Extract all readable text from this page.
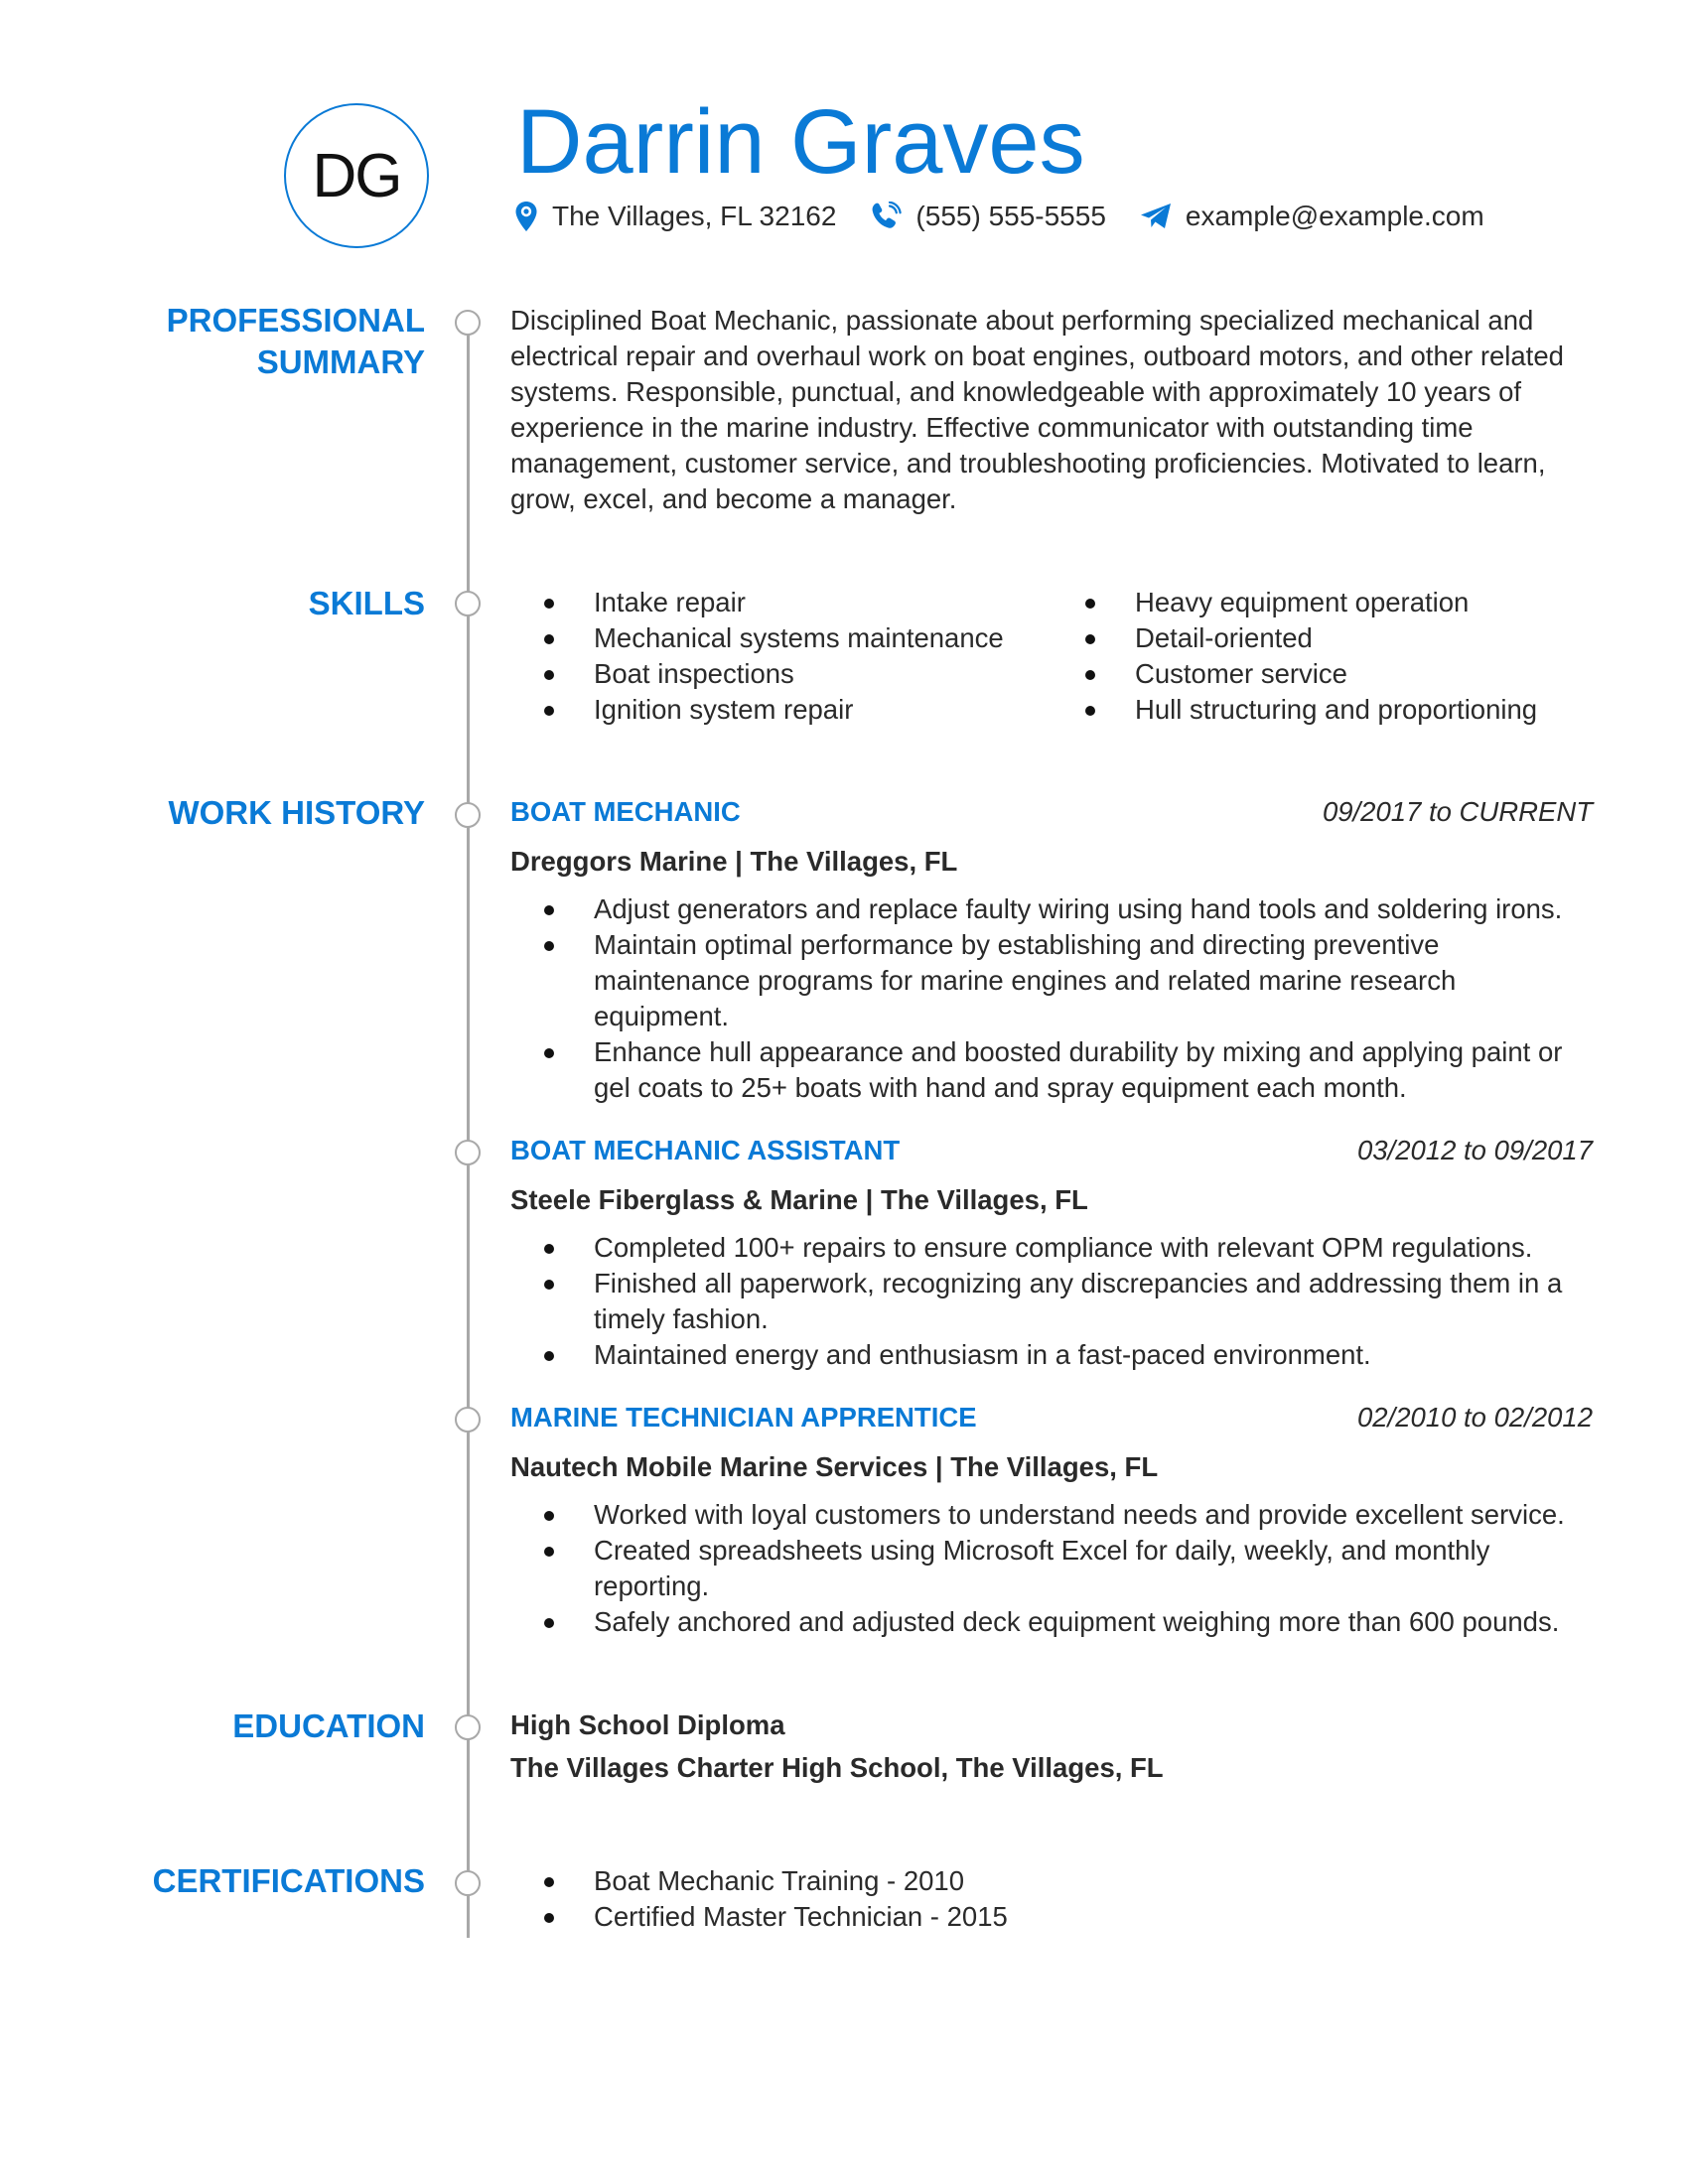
DG Darrin Graves
The Villages, FL 32162	(555) 555-5555	example@example.com
PROFESSIONAL
SUMMARY
Disciplined Boat Mechanic, passionate about performing specialized mechanical and electrical repair and overhaul work on boat engines, outboard motors, and other related systems. Responsible, punctual, and knowledgeable with approximately 10 years of experience in the marine industry. Effective communicator with outstanding time management, customer service, and troubleshooting proficiencies. Motivated to learn, grow, excel, and become a manager.
SKILLS	Intake repair
Mechanical systems maintenance
Boat inspections
Ignition system repair
Heavy equipment operation
Detail-oriented
Customer service
Hull structuring and proportioning
WORK HISTORY	BOAT MECHANIC	09/2017 to CURRENT
Dreggors Marine | The Villages, FL
Adjust generators and replace faulty wiring using hand tools and soldering irons.
Maintain optimal performance by establishing and directing preventive maintenance programs for marine engines and related marine research equipment.
Enhance hull appearance and boosted durability by mixing and applying paint or gel coats to 25+ boats with hand and spray equipment each month.
BOAT MECHANIC ASSISTANT	03/2012 to 09/2017
Steele Fiberglass & Marine | The Villages, FL
Completed 100+ repairs to ensure compliance with relevant OPM regulations.
Finished all paperwork, recognizing any discrepancies and addressing them in a timely fashion.
Maintained energy and enthusiasm in a fast-paced environment.
MARINE TECHNICIAN APPRENTICE	02/2010 to 02/2012
Nautech Mobile Marine Services | The Villages, FL
Worked with loyal customers to understand needs and provide excellent service.
Created spreadsheets using Microsoft Excel for daily, weekly, and monthly reporting.
Safely anchored and adjusted deck equipment weighing more than 600 pounds.
EDUCATION	High School Diploma
The Villages Charter High School, The Villages, FL
CERTIFICATIONS	Boat Mechanic Training - 2010
Certified Master Technician - 2015
